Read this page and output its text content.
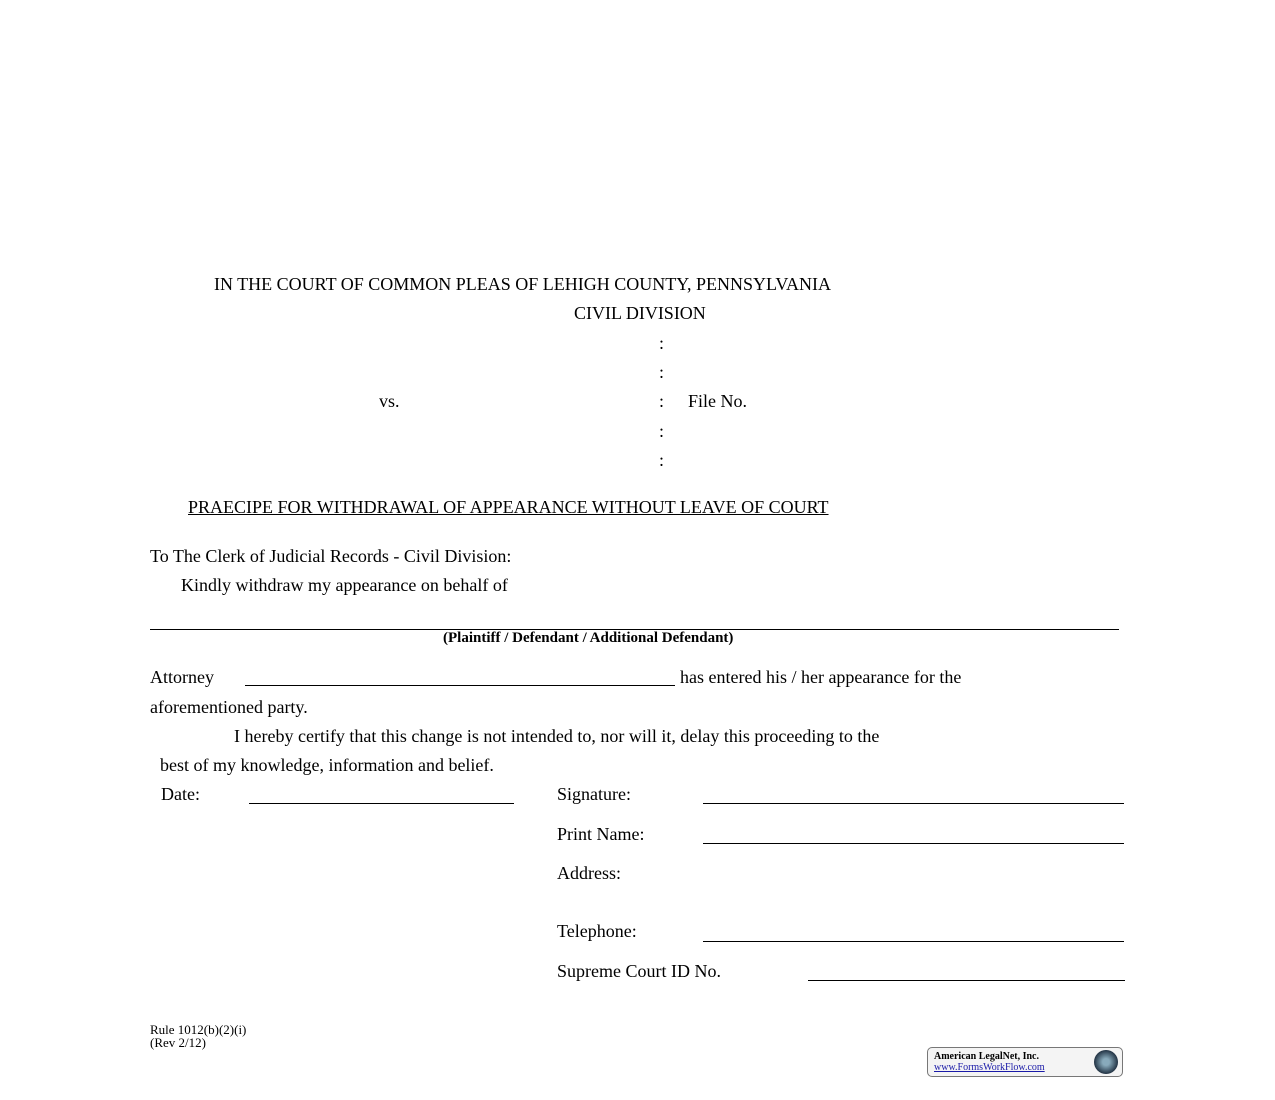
IN THE COURT OF COMMON PLEAS OF LEHIGH COUNTY, PENNSYLVANIA
CIVIL DIVISION
:
:
vs.	: File No.
:
:
PRAECIPE FOR WITHDRAWAL OF APPEARANCE WITHOUT LEAVE OF COURT
To The Clerk of Judicial Records - Civil Division:
Kindly withdraw my appearance on behalf of
(Plaintiff / Defendant / Additional Defendant)
Attorney	has entered his / her appearance for the
aforementioned party.
I hereby certify that this change is not intended to, nor will it, delay this proceeding to the
best of my knowledge, information and belief.
Date:	Signature:
Print Name:
Address:
Telephone:
Supreme Court ID No.
Rule 1012(b)(2)(i)
(Rev 2/12)
American LegalNet, Inc.
www.FormsWorkFlow.com
